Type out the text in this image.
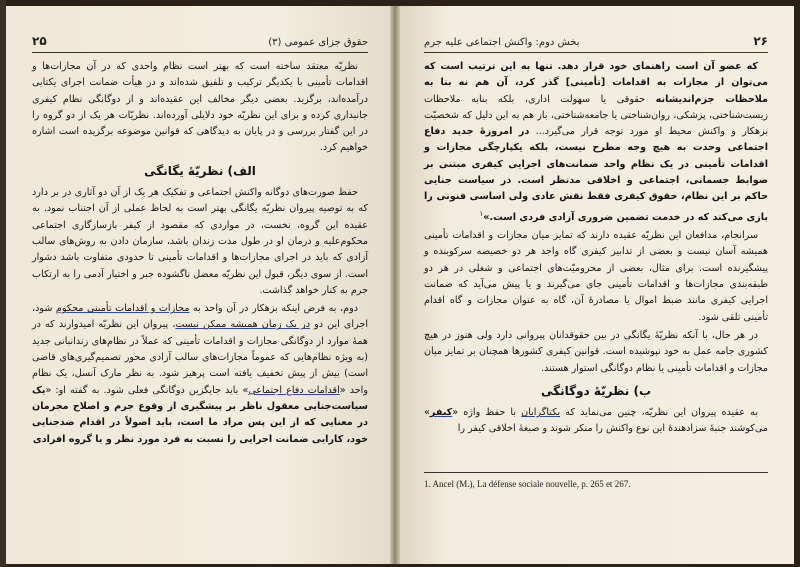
حقوق جزای عمومی (۳)
۲۵

نظریّه معتقد ساخته است که بهتر است نظام واحدی که در آن مجازات‌ها و اقدامات تأمینی با یکدیگر ترکیب و تلفیق شده‌اند و در هیأت ضمانت اجرای یکتایی درآمده‌اند، برگزید. بعضی دیگر مخالف این عقیده‌اند و از دوگانگی نظام کیفری جانبداری کرده و برای این نظریّه خود دلایلی آورده‌اند. نظریّات هر یک از دو گروه را در این گفتار بررسی و در پایان به دیدگاهی که قوانین موضوعه برگزیده است اشاره خواهیم کرد.

الف) نظریّهٔ یگانگی

حفظ صورت‌های دوگانه واکنش اجتماعی و تفکیک هر یک از آن دو آثاری در بر دارد که به توصیه پیروان نظریّه یگانگی بهتر است به لحاظ عملی از آن اجتناب نمود. به عقیده این گروه، نخست، در مواردی که مقصود از کیفر بازسازگاری اجتماعی محکوم‌علیه و درمان او در طول مدت زندان باشد، سازمان دادن به روش‌های سالب آزادی که باید در اجرای مجازات‌ها و اقدامات تأمینی تا حدودی متفاوت باشد دشوار است. از سوی دیگر، قبول این نظریّه معضل ناگشوده جبر و اختیار آدمی را به ارتکاب جرم به کنار خواهد گذاشت.

دوم، به فرض اینکه بزهکار در آن واحد به مجازات و اقدامات تأمینی محکوم شود، اجرای این دو در یک زمان همیشه ممکن نیست، پیروان این نظریّه امیدوارند که در همهٔ موارد از دوگانگی مجازات و اقدامات تأمینی که عملاً در نظام‌های زندانبانی جدید (به ویژه نظام‌هایی که عموماً مجازات‌های سالب آزادی محور تصمیم‌گیری‌های قاضی است) بیش از پیش تخفیف یافته است پرهیز شود. به نظر مارک آنسل، یک نظام واحد «اقدامات دفاع اجتماعی» باید جایگزین دوگانگی فعلی شود. به گفته او: «یک سیاست‌جنایی معقول ناظر بر پیشگیری از وقوع جرم و اصلاح مجرمان در معنایی که از این پس مراد ما است، باید اصولاً در اقدام ضدجنایی خود، کارایی ضمانت اجرایی را نسبت به فرد مورد نظر و یا گروه افرادی

۲۶
بخش دوم: واکنش اجتماعی علیه جرم

که عضو آن است راهنمای خود قرار دهد. تنها به این ترتیب است که می‌توان از مجازات به اقدامات [تأمینی] گذر کرد، آن هم نه بنا به ملاحظات جزم‌اندیشانه حقوقی یا سهولت اداری، بلکه بنابه ملاحظات زیست‌شناختی، پزشکی، روان‌شناختی یا جامعه‌شناختی، باز هم به این دلیل که شخصیّت بزهکار و واکنش محیط او مورد توجه قرار می‌گیرد... در امروزهٔ جدید دفاع اجتماعی وحدت به هیچ وجه مطرح نیست، بلکه یکپارچگی مجازات و اقدامات تأمینی در یک نظام واحد ضمانت‌های اجرایی کیفری مبتنی بر ضوابط جسمانی، اجتماعی و اخلاقی مدنظر است. در سیاست جنایی حاکم بر این نظام، حقوق کیفری فقط نقش عادی ولی اساسی فنونی را بازی می‌کند که در خدمت تضمین ضروری آزادی فردی است.»$^۱$

سرانجام، مدافعان این نظریّه عقیده دارند که تمایز میان مجازات و اقدامات تأمینی همیشه آسان نیست و بعضی از تدابیر کیفری گاه واجد هر دو خصیصه سرکوبنده و پیشگیرنده است. برای مثال، بعضی از محرومیّت‌های اجتماعی و شغلی در هر دو طبقه‌بندی مجازات‌ها و اقدامات تأمینی جای می‌گیرند و یا پیش می‌آید که ضمانت اجرایی کیفری مانند ضبط اموال یا مصادرهٔ آن، گاه به عنوان مجازات و گاه اقدام تأمینی تلقی شود.

در هر حال، با آنکه نظریّهٔ یگانگی در بین حقوقدانان پیروانی دارد ولی هنوز در هیچ کشوری جامه عمل به خود نپوشیده است. قوانین کیفری کشورها همچنان بر تمایز میان مجازات و اقدامات تأمینی یا نظام دوگانگی استوار هستند.

ب) نظریّهٔ دوگانگی

به عقیده پیروان این نظریّه، چنین می‌نماید که یکتاگرایان با حفظ واژه «کیفر» می‌کوشند جنبهٔ سزادهندهٔ این نوع واکنش را منکر شوند و صبغهٔ اخلاقی کیفر را

1. Ancel (M.), La défense sociale nouvelle, p. 265 et 267.
